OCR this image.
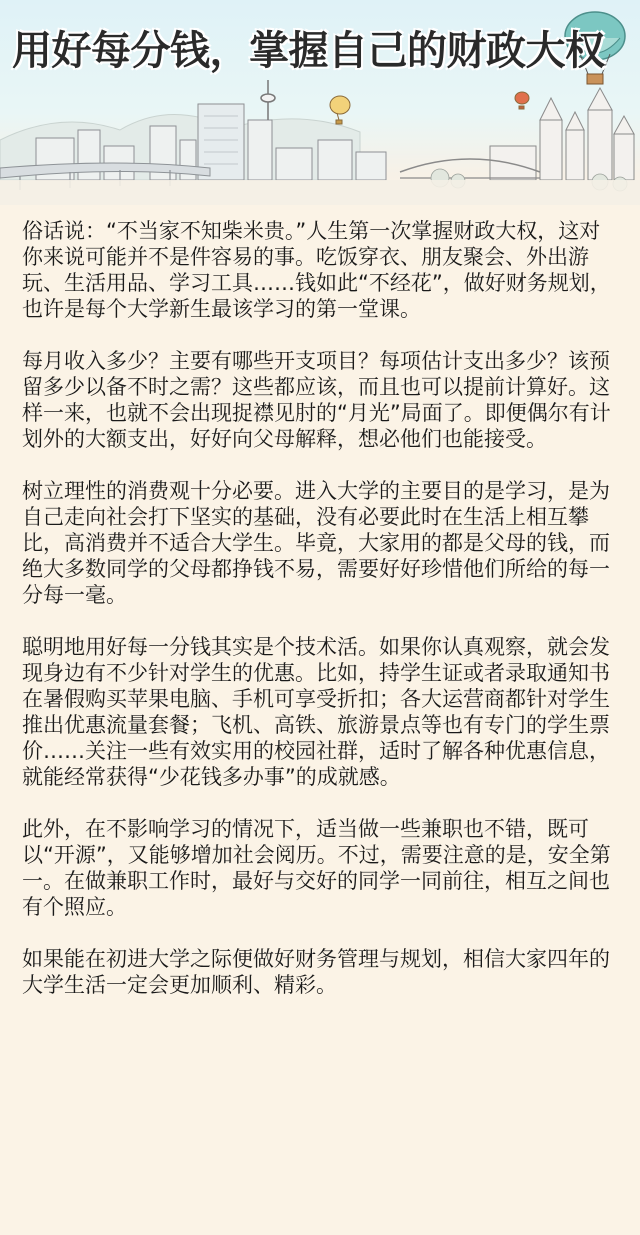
用好每分钱，掌握自己的财政大权

俗话说：“不当家不知柴米贵。”人生第一次掌握财政大权，这对你来说可能并不是件容易的事。吃饭穿衣、朋友聚会、外出游玩、生活用品、学习工具……钱如此“不经花”，做好财务规划，也许是每个大学新生最该学习的第一堂课。

每月收入多少？主要有哪些开支项目？每项估计支出多少？该预留多少以备不时之需？这些都应该，而且也可以提前计算好。这样一来，也就不会出现捉襟见肘的“月光”局面了。即便偶尔有计划外的大额支出，好好向父母解释，想必他们也能接受。

树立理性的消费观十分必要。进入大学的主要目的是学习，是为自己走向社会打下坚实的基础，没有必要此时在生活上相互攀比，高消费并不适合大学生。毕竟，大家用的都是父母的钱，而绝大多数同学的父母都挣钱不易，需要好好珍惜他们所给的每一分每一毫。

聪明地用好每一分钱其实是个技术活。如果你认真观察，就会发现身边有不少针对学生的优惠。比如，持学生证或者录取通知书在暑假购买苹果电脑、手机可享受折扣；各大运营商都针对学生推出优惠流量套餐；飞机、高铁、旅游景点等也有专门的学生票价……关注一些有效实用的校园社群，适时了解各种优惠信息，就能经常获得“少花钱多办事”的成就感。

此外，在不影响学习的情况下，适当做一些兼职也不错，既可以“开源”，又能够增加社会阅历。不过，需要注意的是，安全第一。在做兼职工作时，最好与交好的同学一同前往，相互之间也有个照应。

如果能在初进大学之际便做好财务管理与规划，相信大家四年的大学生活一定会更加顺利、精彩。
